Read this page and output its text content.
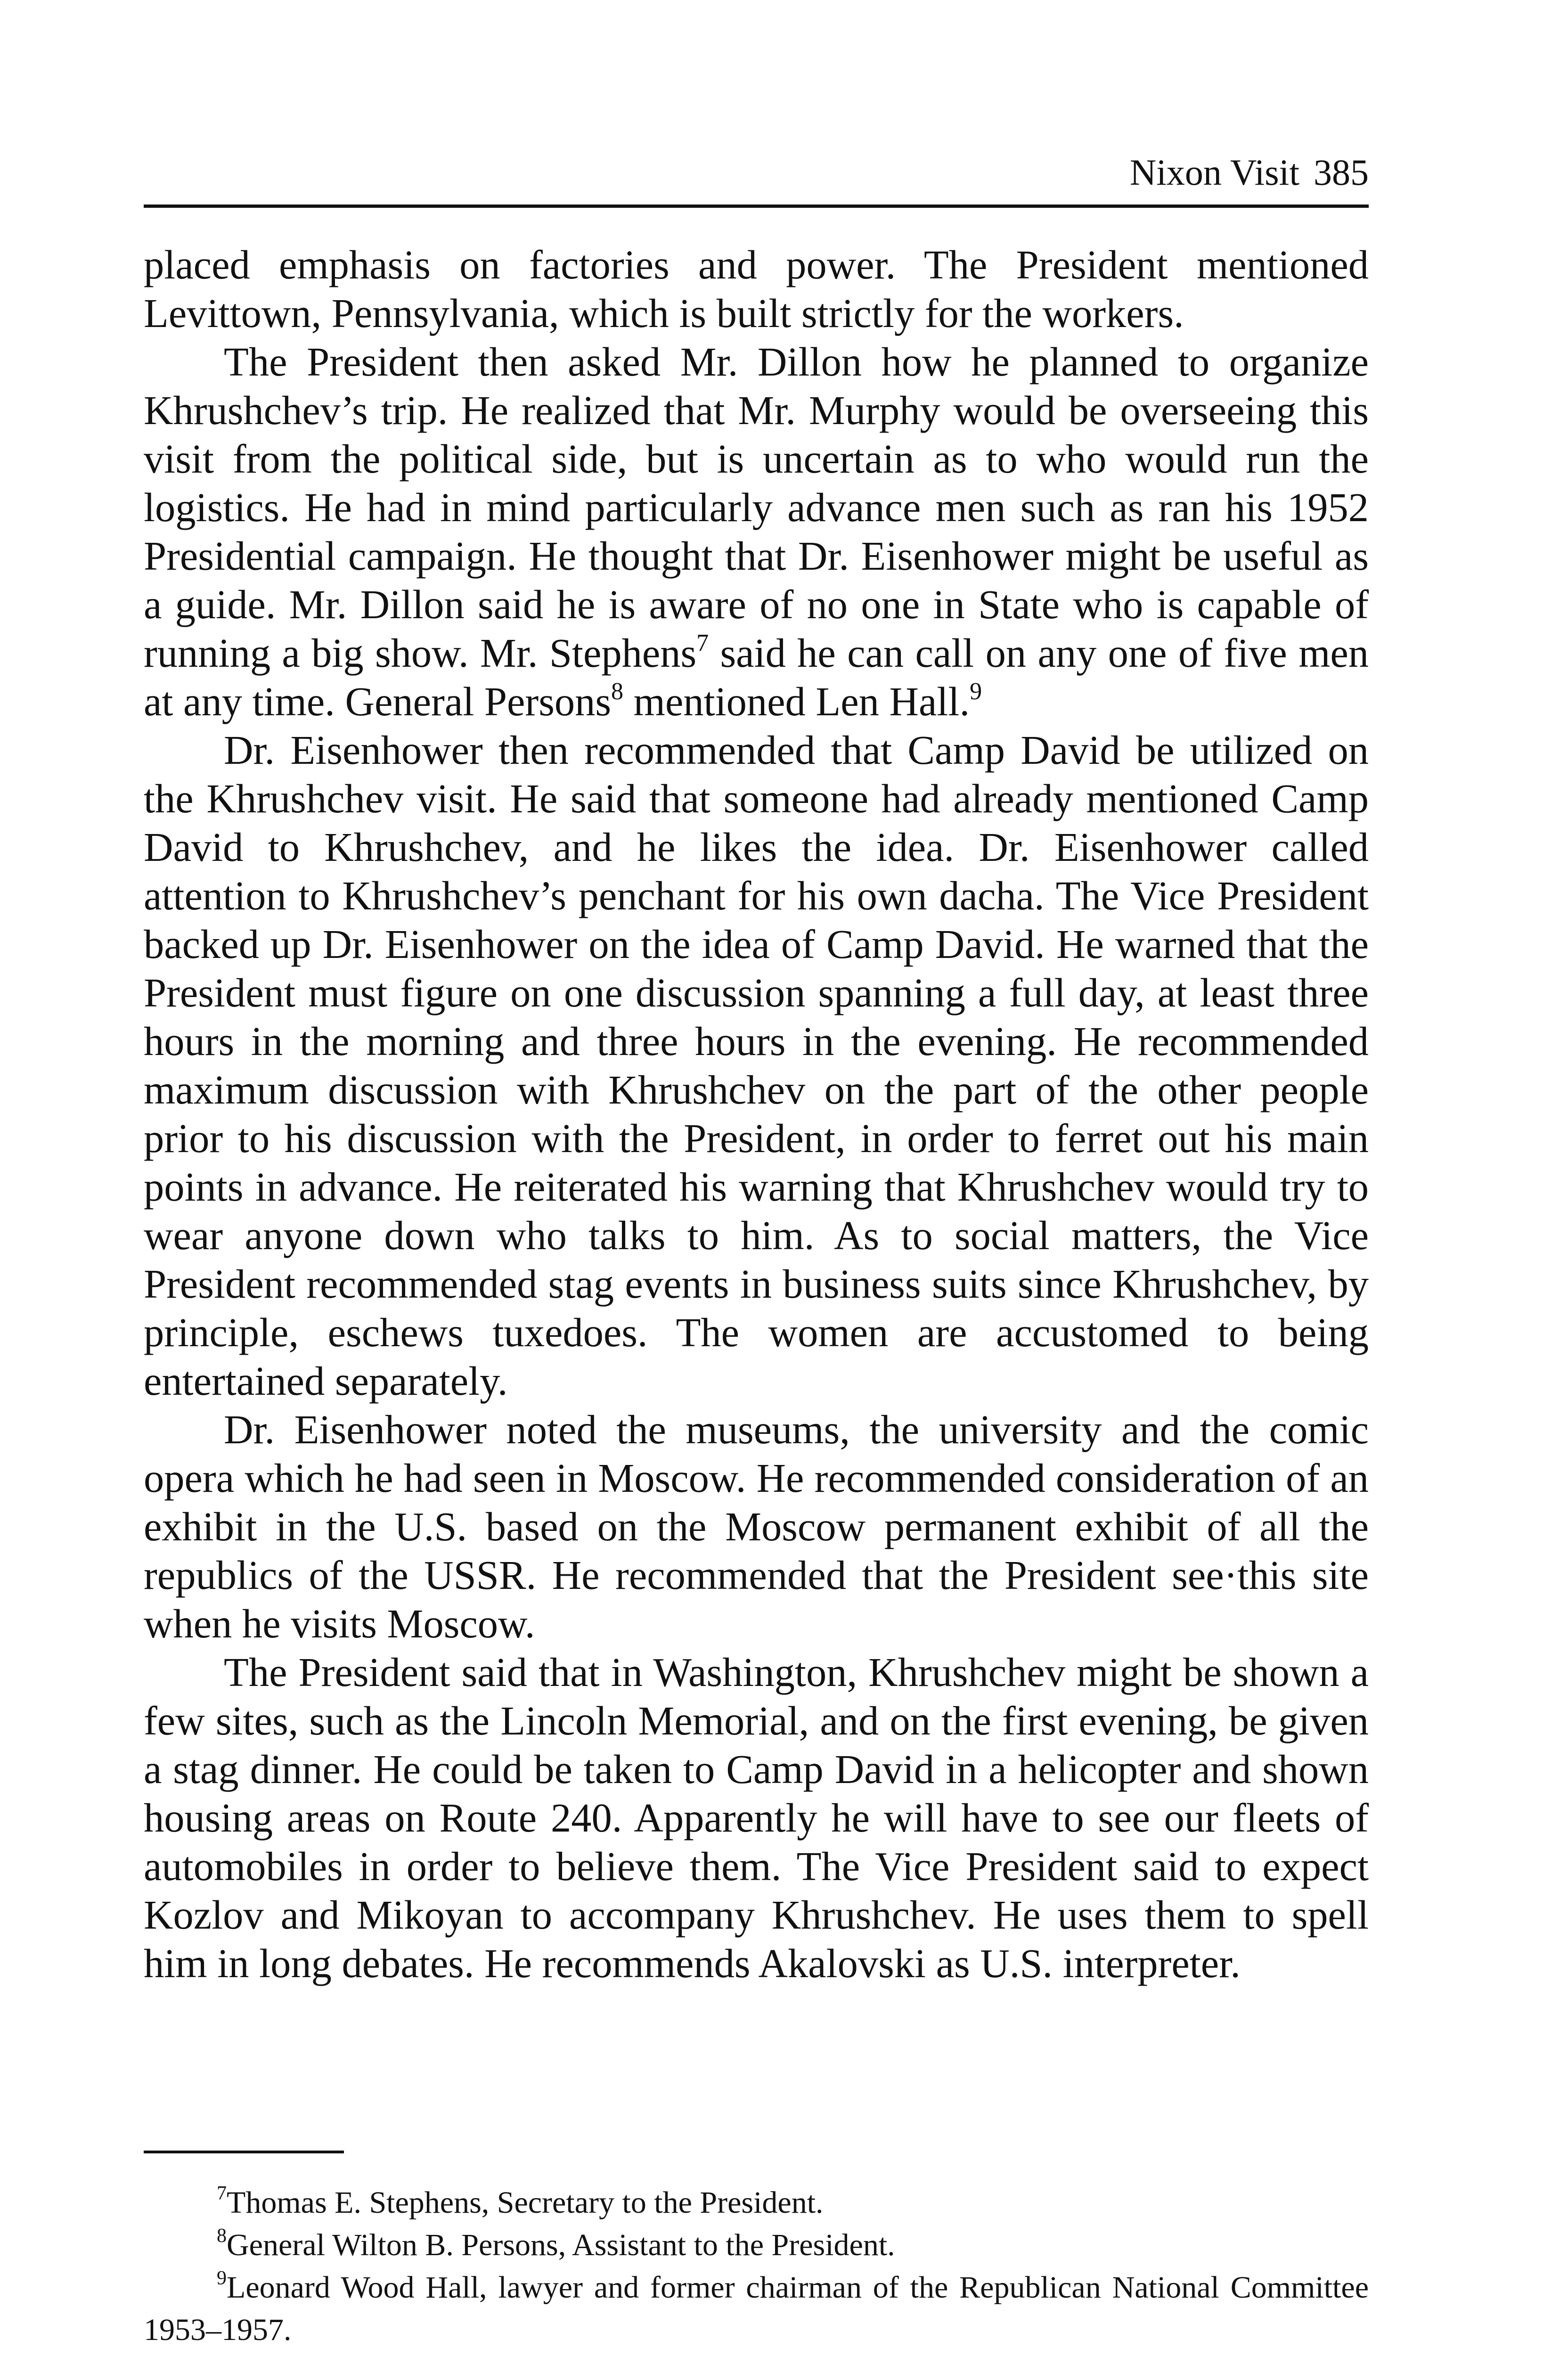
Nixon Visit 385

placed emphasis on factories and power. The President mentioned Levittown, Pennsylvania, which is built strictly for the workers.

The President then asked Mr. Dillon how he planned to organize Khrushchev’s trip. He realized that Mr. Murphy would be overseeing this visit from the political side, but is uncertain as to who would run the logistics. He had in mind particularly advance men such as ran his 1952 Presidential campaign. He thought that Dr. Eisenhower might be useful as a guide. Mr. Dillon said he is aware of no one in State who is capable of running a big show. Mr. Stephens$^7$ said he can call on any one of five men at any time. General Persons$^8$ mentioned Len Hall.$^9$

Dr. Eisenhower then recommended that Camp David be utilized on the Khrushchev visit. He said that someone had already mentioned Camp David to Khrushchev, and he likes the idea. Dr. Eisenhower called attention to Khrushchev’s penchant for his own dacha. The Vice President backed up Dr. Eisenhower on the idea of Camp David. He warned that the President must figure on one discussion spanning a full day, at least three hours in the morning and three hours in the evening. He recommended maximum discussion with Khrushchev on the part of the other people prior to his discussion with the President, in order to ferret out his main points in advance. He reiterated his warning that Khrushchev would try to wear anyone down who talks to him. As to social matters, the Vice President recommended stag events in business suits since Khrushchev, by principle, eschews tuxedoes. The women are accustomed to being entertained separately.

Dr. Eisenhower noted the museums, the university and the comic opera which he had seen in Moscow. He recommended consideration of an exhibit in the U.S. based on the Moscow permanent exhibit of all the republics of the USSR. He recommended that the President see·this site when he visits Moscow.

The President said that in Washington, Khrushchev might be shown a few sites, such as the Lincoln Memorial, and on the first evening, be given a stag dinner. He could be taken to Camp David in a helicopter and shown housing areas on Route 240. Apparently he will have to see our fleets of automobiles in order to believe them. The Vice President said to expect Kozlov and Mikoyan to accompany Khrushchev. He uses them to spell him in long debates. He recommends Akalovski as U.S. interpreter.

$^7$Thomas E. Stephens, Secretary to the President.

$^8$General Wilton B. Persons, Assistant to the President.

$^9$Leonard Wood Hall, lawyer and former chairman of the Republican National Committee 1953–1957.
